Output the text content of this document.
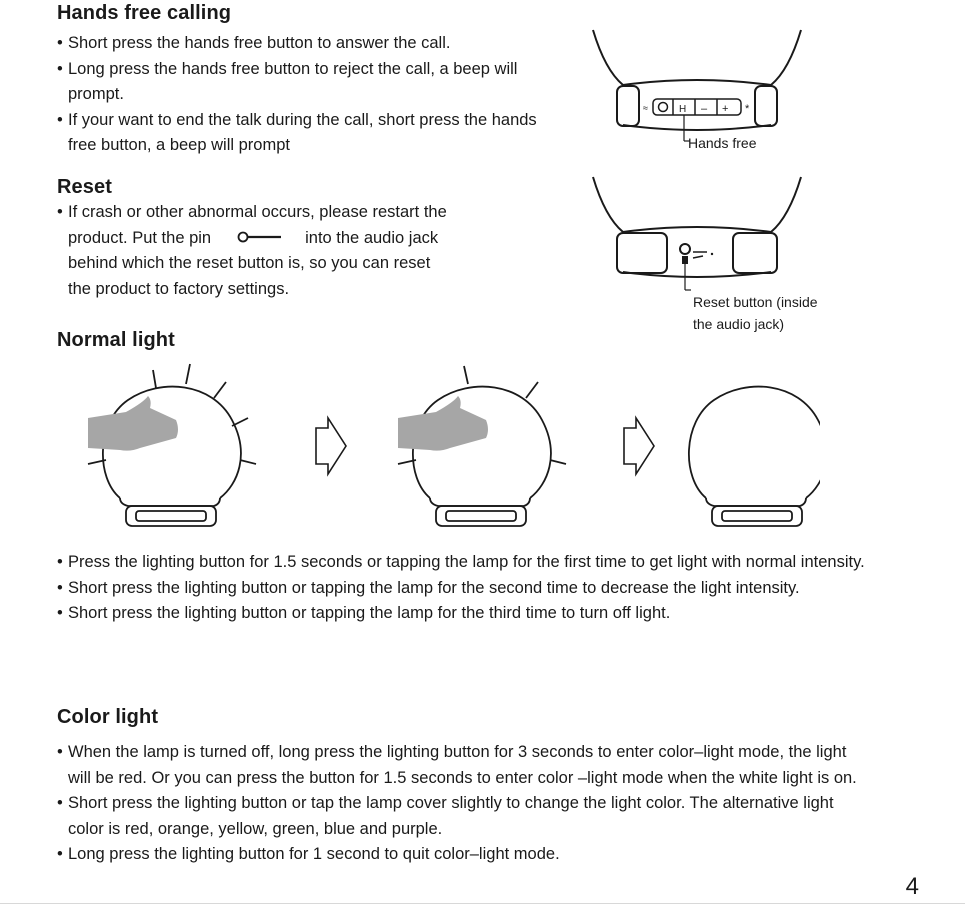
Hands free calling
• Short press the hands free button to answer the call.
• Long press the hands free button to reject the call, a beep will prompt.
• If your want to end the talk during the call, short press the hands free button, a beep will prompt
H – + *
≈
Hands free
Reset
• If crash or other abnormal occurs, please restart the
product. Put the pin	into the audio jack
behind which the reset button is, so you can reset
the product to factory settings.
Reset button (inside
the audio jack)
Normal light
• Press the lighting button for 1.5 seconds or tapping the lamp for the first time to get light with normal intensity.
• Short press the lighting button or tapping the lamp for the second time to decrease the light intensity.
• Short press the lighting button or tapping the lamp for the third time to turn off light.
Color light
• When the lamp is turned off, long press the lighting button for 3 seconds to enter color–light mode, the light will be red. Or you can press the button for 1.5 seconds to enter color –light mode when the white light is on.
• Short press the lighting button or tap the lamp cover slightly to change the light color. The alternative light color is red, orange, yellow, green, blue and purple.
• Long press the lighting button for 1 second to quit color–light mode.
4
